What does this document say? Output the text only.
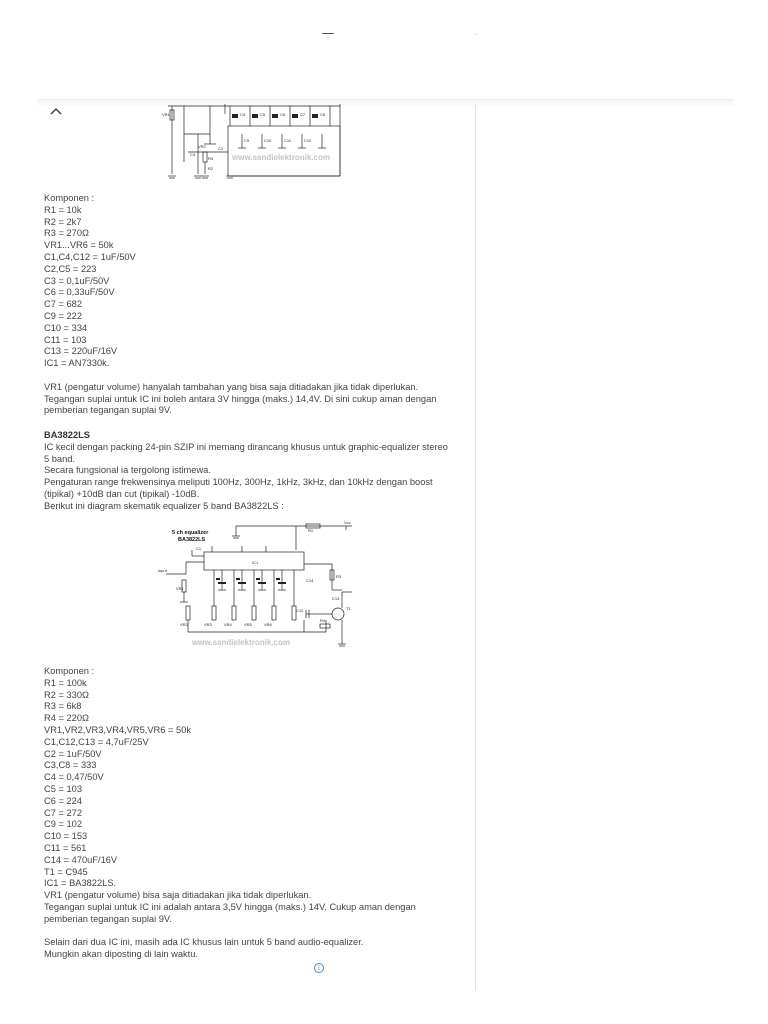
VR1
VR2
C4	C5	C6	C7	C8
C9	C10	C11	C12
R3
C3
R2
C1
www.sandielektronik.com
Komponen :
R1 = 10k
R2 = 2k7
R3 = 270Ω
VR1...VR6 = 50k
C1,C4,C12 = 1uF/50V
C2,C5 = 223
C3 = 0,1uF/50V
C6 = 0,33uF/50V
C7 = 682
C9 = 222
C10 = 334
C11 = 103
C13 = 220uF/16V
IC1 = AN7330k.
VR1 (pengatur volume) hanyalah tambahan yang bisa saja ditiadakan jika tidak diperlukan.
Tegangan suplai untuk IC ini boleh antara 3V hingga (maks.) 14,4V. Di sini cukup aman dengan
pemberian tegangan suplai 9V.
BA3822LS
IC kecil dengan packing 24-pin SZIP ini memang dirancang khusus untuk graphic-equalizer stereo
5 band.
Secara fungsional ia tergolong istimewa.
Pengaturan range frekwensinya meliputi 100Hz, 300Hz, 1kHz, 3kHz, dan 10kHz dengan boost
(tipikal) +10dB dan cut (tipikal) -10dB.
Berikut ini diagram skematik equalizer 5 band BA3822LS :
Komponen :
R1 = 100k
R2 = 330Ω
R3 = 6k8
R4 = 220Ω
VR1,VR2,VR3,VR4,VR5,VR6 = 50k
C1,C12,C13 = 4,7uF/25V
C2 = 1uF/50V
C3,C8 = 333
C4 = 0,47/50V
C5 = 103
C6 = 224
C7 = 272
C9 = 102
C10 = 153
C11 = 561
C14 = 470uF/16V
T1 = C945
IC1 = BA3822LS.
VR1 (pengatur volume) bisa saja ditiadakan jika tidak diperlukan.
Tegangan suplai untuk IC ini adalah antara 3,5V hingga (maks.) 14V. Cukup aman dengan
pemberian tegangan suplai 9V.
Selain dari dua IC ini, masih ada IC khusus lain untuk 5 band audio-equalizer.
Mungkin akan diposting di lain waktu.
5 ch equalizer
BA3822LS
IC1
input
VR1
VR2	VR3	VR4	VR5	VR6
C14
R3
R4
T1
Vcc
C1
R1
C12
C13
www.sandielektronik.com
i
